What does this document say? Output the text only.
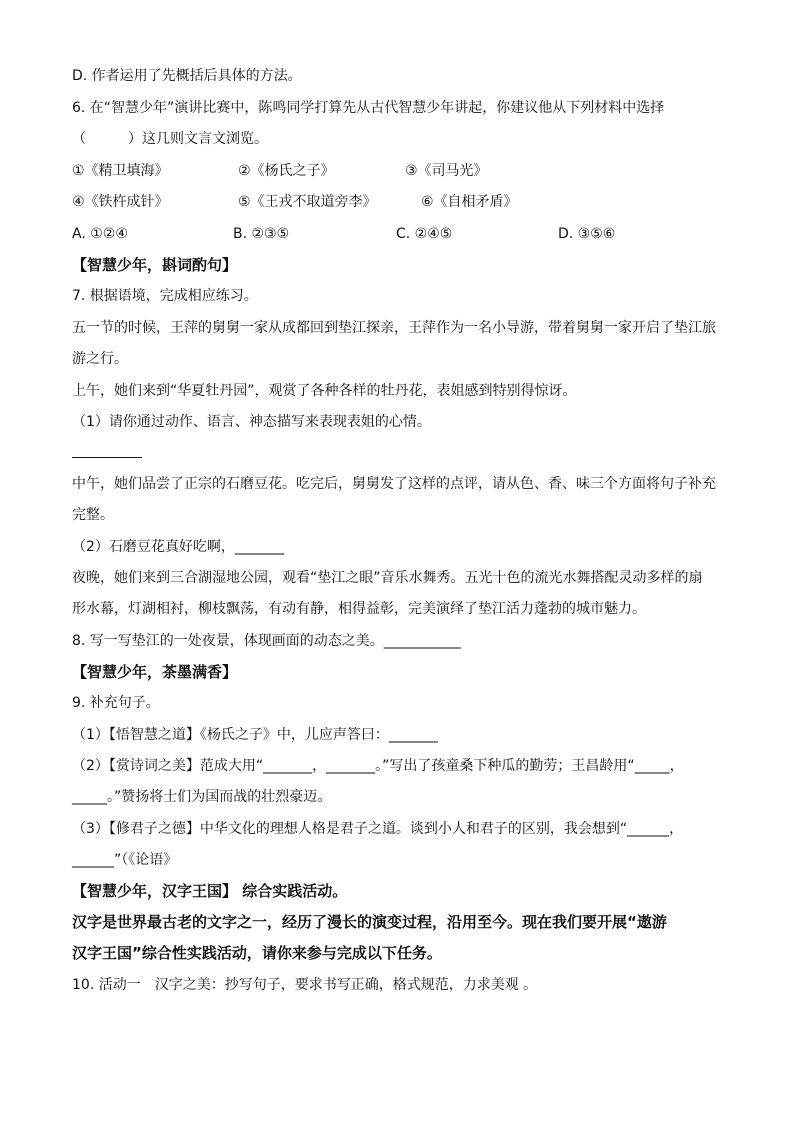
D. 作者运用了先概括后具体的方法。
6. 在“智慧少年”演讲比赛中，陈鸣同学打算先从古代智慧少年讲起，你建议他从下列材料中选择
（　　　）这几则文言文浏览。
①《精卫填海》	②《杨氏之子》	③《司马光》
④《铁杵成针》	⑤《王戎不取道旁李》	⑥《自相矛盾》
A. ①②④	B. ②③⑤	C. ②④⑤	D. ③⑤⑥
【智慧少年，斟词酌句】
7. 根据语境，完成相应练习。
五一节的时候，王萍的舅舅一家从成都回到垫江探亲，王萍作为一名小导游，带着舅舅一家开启了垫江旅
游之行。
上午，她们来到“华夏牡丹园”，观赏了各种各样的牡丹花，表姐感到特别得惊讶。
（1）请你通过动作、语言、神态描写来表现表姐的心情。
中午，她们品尝了正宗的石磨豆花。吃完后，舅舅发了这样的点评，请从色、香、味三个方面将句子补充
完整。
（2）石磨豆花真好吃啊，_______
夜晚，她们来到三合湖湿地公园，观看“垫江之眼”音乐水舞秀。五光十色的流光水舞搭配灵动多样的扇
形水幕，灯湖相衬，柳枝飘荡，有动有静，相得益彰，完美演绎了垫江活力蓬勃的城市魅力。
8. 写一写垫江的一处夜景，体现画面的动态之美。___________
【智慧少年，茶墨满香】
9. 补充句子。
（1）【悟智慧之道】《杨氏之子》中，儿应声答曰：_______
（2）【赏诗词之美】范成大用“_______，_______。”写出了孩童桑下种瓜的勤劳；王昌龄用“_____，
_____。”赞扬将士们为国而战的壮烈豪迈。
（3）【修君子之德】中华文化的理想人格是君子之道。谈到小人和君子的区别，我会想到“______，
______”（《论语》
【智慧少年，汉字王国】 综合实践活动。
汉字是世界最古老的文字之一，经历了漫长的演变过程，沿用至今。现在我们要开展“遨游
汉字王国”综合性实践活动，请你来参与完成以下任务。
10. 活动一　汉字之美：抄写句子，要求书写正确，格式规范，力求美观 。
